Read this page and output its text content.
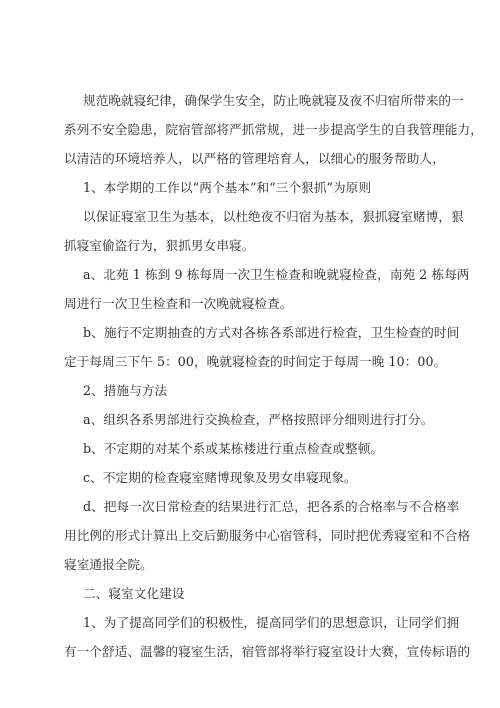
规范晚就寝纪律，确保学生安全，防止晚就寝及夜不归宿所带来的一
系列不安全隐患，院宿管部将严抓常规，进一步提高学生的自我管理能力，
以清洁的环境培养人，以严格的管理培育人，以细心的服务帮助人，
1、本学期的工作以“两个基本”和“三个狠抓”为原则
以保证寝室卫生为基本，以杜绝夜不归宿为基本，狠抓寝室赌博，狠
抓寝室偷盗行为，狠抓男女串寝。
a、北苑 1 栋到 9 栋每周一次卫生检查和晚就寝检查，南苑 2 栋每两
周进行一次卫生检查和一次晚就寝检查。
b、施行不定期抽查的方式对各栋各系部进行检查，卫生检查的时间
定于每周三下午 5：00，晚就寝检查的时间定于每周一晚 10：00。
2、措施与方法
a、组织各系男部进行交换检查，严格按照评分细则进行打分。
b、不定期的对某个系或某栋楼进行重点检查或整顿。
c、不定期的检查寝室赌博现象及男女串寝现象。
d、把每一次日常检查的结果进行汇总，把各系的合格率与不合格率
用比例的形式计算出上交后勤服务中心宿管科，同时把优秀寝室和不合格
寝室通报全院。
二、寝室文化建设
1、为了提高同学们的积极性，提高同学们的思想意识，让同学们拥
有一个舒适、温馨的寝室生活，宿管部将举行寝室设计大赛，宣传标语的
